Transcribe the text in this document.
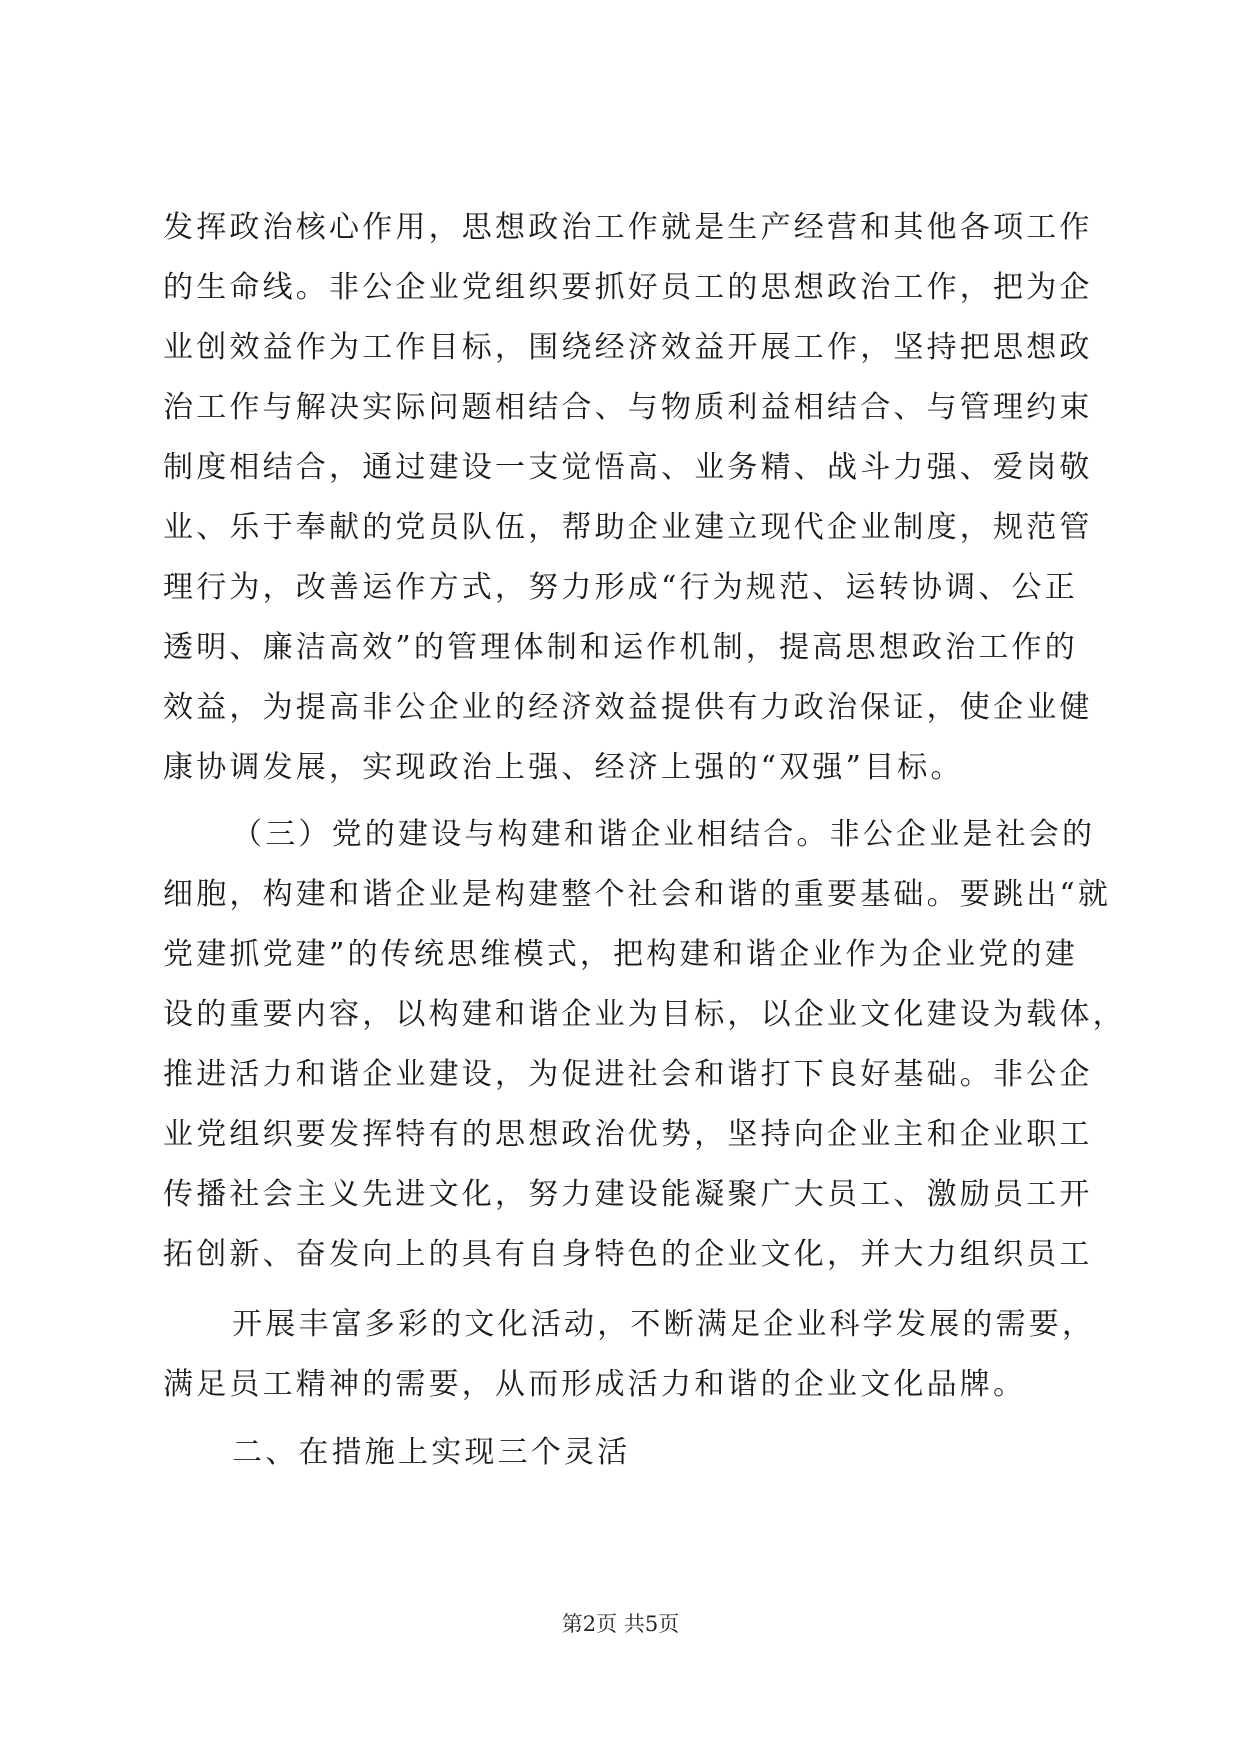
发挥政治核心作用，思想政治工作就是生产经营和其他各项工作
的生命线。非公企业党组织要抓好员工的思想政治工作，把为企
业创效益作为工作目标，围绕经济效益开展工作，坚持把思想政
治工作与解决实际问题相结合、与物质利益相结合、与管理约束
制度相结合，通过建设一支觉悟高、业务精、战斗力强、爱岗敬
业、乐于奉献的党员队伍，帮助企业建立现代企业制度，规范管
理行为，改善运作方式，努力形成“行为规范、运转协调、公正
透明、廉洁高效”的管理体制和运作机制，提高思想政治工作的
效益，为提高非公企业的经济效益提供有力政治保证，使企业健
康协调发展，实现政治上强、经济上强的“双强”目标。
（三）党的建设与构建和谐企业相结合。非公企业是社会的
细胞，构建和谐企业是构建整个社会和谐的重要基础。要跳出“就
党建抓党建”的传统思维模式，把构建和谐企业作为企业党的建
设的重要内容，以构建和谐企业为目标，以企业文化建设为载体，
推进活力和谐企业建设，为促进社会和谐打下良好基础。非公企
业党组织要发挥特有的思想政治优势，坚持向企业主和企业职工
传播社会主义先进文化，努力建设能凝聚广大员工、激励员工开
拓创新、奋发向上的具有自身特色的企业文化，并大力组织员工
开展丰富多彩的文化活动，不断满足企业科学发展的需要，
满足员工精神的需要，从而形成活力和谐的企业文化品牌。
二、在措施上实现三个灵活
第2页 共5页
